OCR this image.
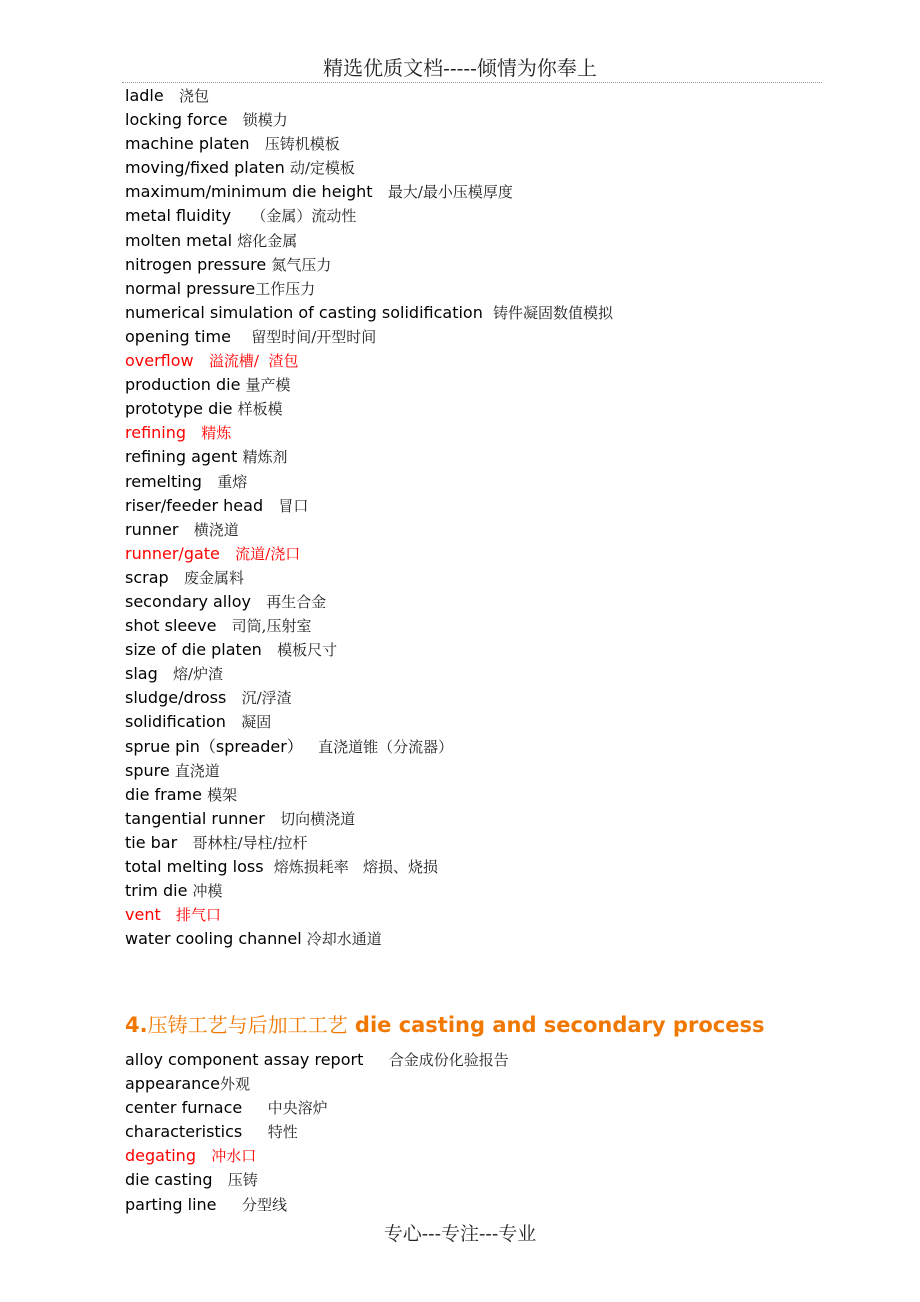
精选优质文档-----倾情为你奉上
ladle 浇包
locking force 锁模力
machine platen 压铸机模板
moving/fixed platen 动/定模板
maximum/minimum die height 最大/最小压模厚度
metal fluidity （金属）流动性
molten metal 熔化金属
nitrogen pressure 氮气压力
normal pressure工作压力
numerical simulation of casting solidification 铸件凝固数值模拟
opening time 留型时间/开型时间
overflow 溢流槽/  渣包
production die 量产模
prototype die 样板模
refining 精炼
refining agent 精炼剂
remelting 重熔
riser/feeder head 冒口
runner 横浇道
runner/gate 流道/浇口
scrap 废金属料
secondary alloy 再生合金
shot sleeve 司筒,压射室
size of die platen 模板尺寸
slag 熔/炉渣
sludge/dross 沉/浮渣
solidification 凝固
sprue pin（spreader） 直浇道锥（分流器）
spure 直浇道
die frame 模架
tangential runner 切向横浇道
tie bar 哥林柱/导柱/拉杆
total melting loss 熔炼损耗率   熔损、烧损
trim die 冲模
vent 排气口
water cooling channel 冷却水通道
4.压铸工艺与后加工工艺 die casting and secondary process
alloy component assay report 合金成份化验报告
appearance外观
center furnace 中央溶炉
characteristics 特性
degating 冲水口
die casting 压铸
parting line 分型线
专心---专注---专业
